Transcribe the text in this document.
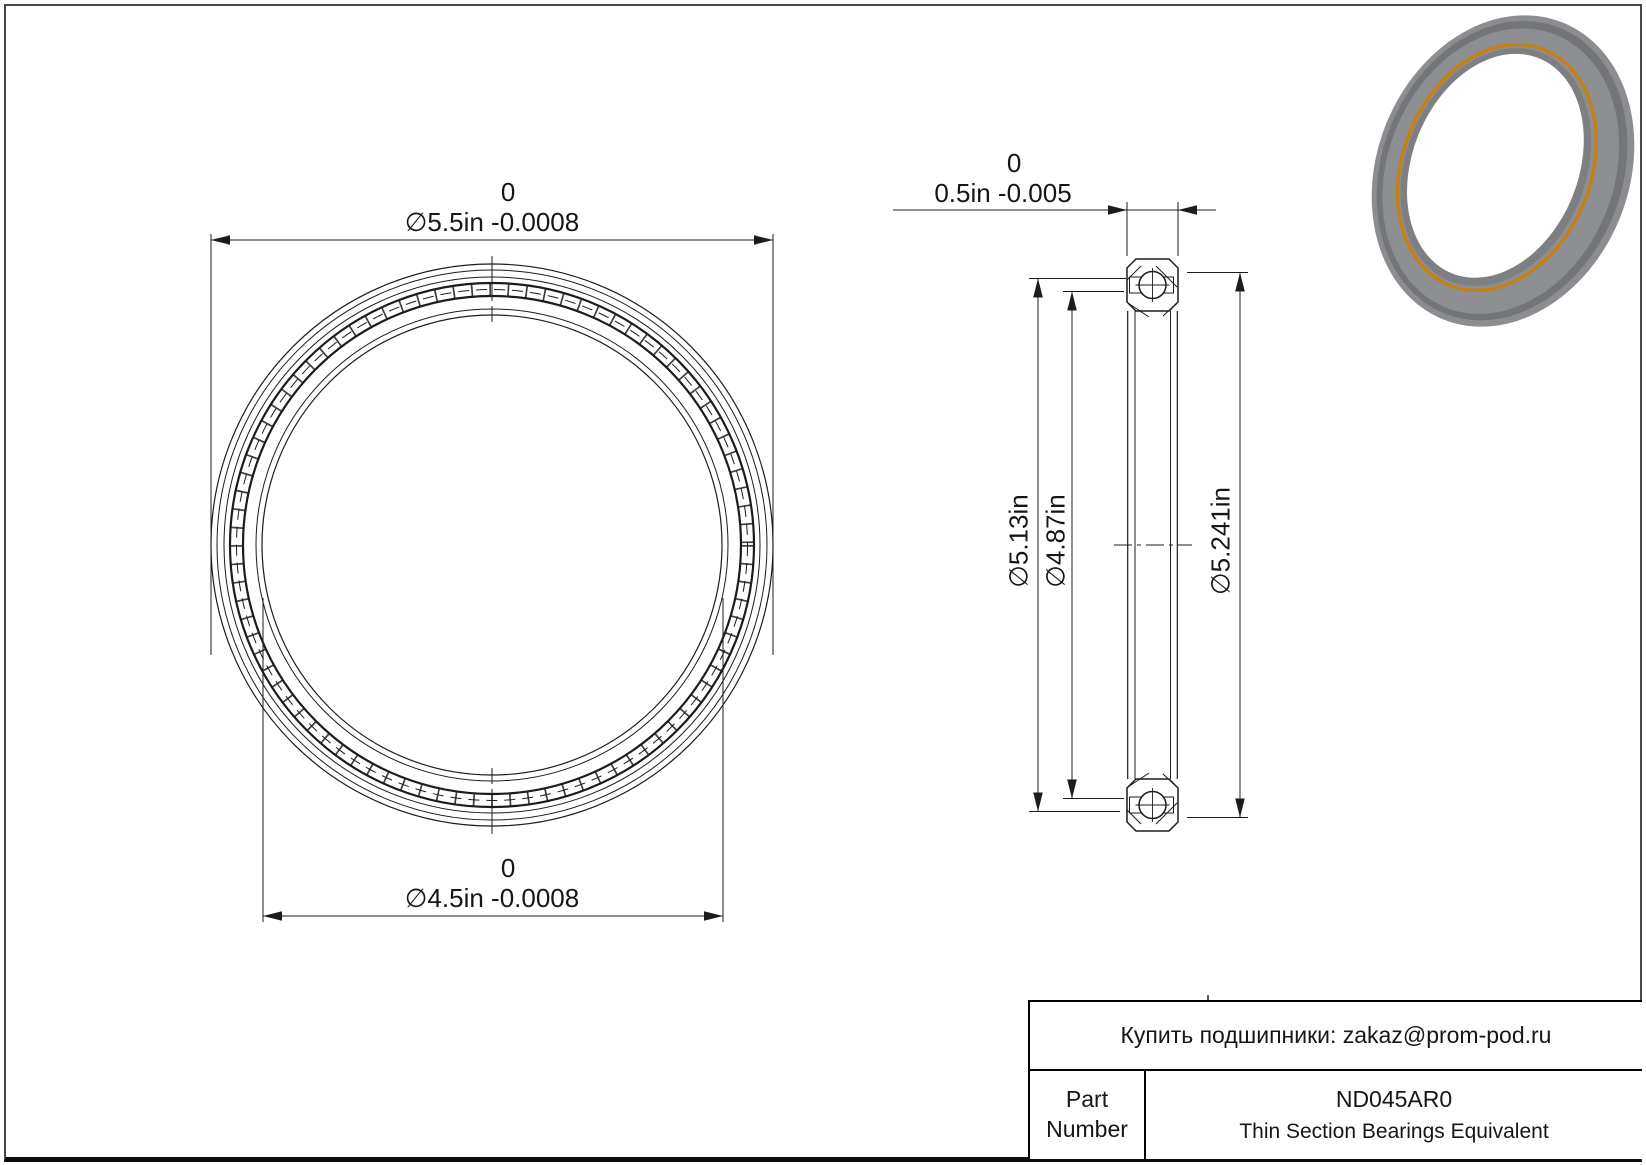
0
∅5.5in -0.0008
0
∅4.5in -0.0008
0
0.5in -0.005
∅5.13in ∅4.87in	∅5.241in
Купить подшипники: zakaz@prom-pod.ru
Part
Number
ND045AR0
Thin Section Bearings Equivalent
